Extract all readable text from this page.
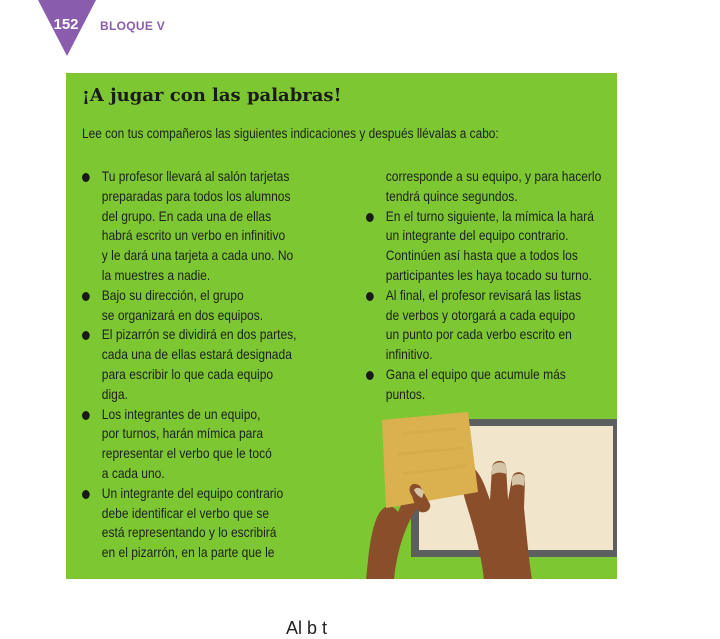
152 BLOQUE V
¡A jugar con las palabras!
Lee con tus compañeros las siguientes indicaciones y después llévalas a cabo:
Tu profesor llevará al salón tarjetas
preparadas para todos los alumnos
del grupo. En cada una de ellas
habrá escrito un verbo en infinitivo
y le dará una tarjeta a cada uno. No
la muestres a nadie.
Bajo su dirección, el grupo
se organizará en dos equipos.
El pizarrón se dividirá en dos partes,
cada una de ellas estará designada
para escribir lo que cada equipo
diga.
Los integrantes de un equipo,
por turnos, harán mímica para
representar el verbo que le tocó
a cada uno.
Un integrante del equipo contrario
debe identificar el verbo que se
está representando y lo escribirá
en el pizarrón, en la parte que le
corresponde a su equipo, y para hacerlo
tendrá quince segundos.
En el turno siguiente, la mímica la hará
un integrante del equipo contrario.
Continúen así hasta que a todos los
participantes les haya tocado su turno.
Al final, el profesor revisará las listas
de verbos y otorgará a cada equipo
un punto por cada verbo escrito en
infinitivo.
Gana el equipo que acumule más
puntos.
Al b t
